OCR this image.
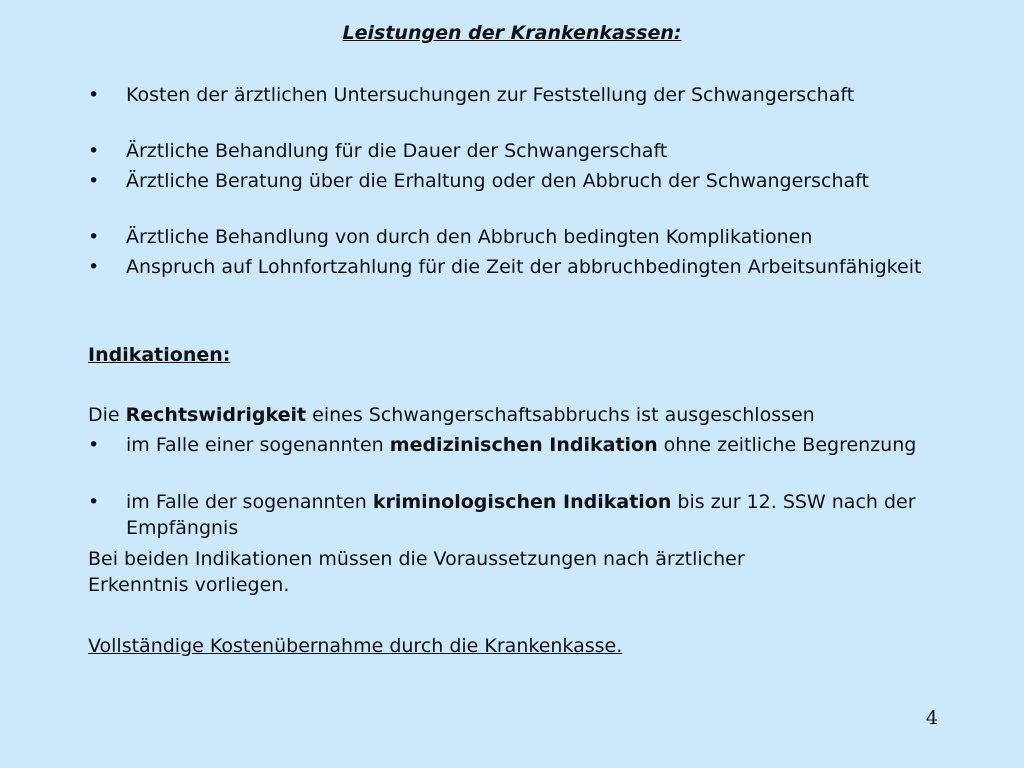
Leistungen der Krankenkassen:
• Kosten der ärztlichen Untersuchungen zur Feststellung der Schwangerschaft
• Ärztliche Behandlung für die Dauer der Schwangerschaft
• Ärztliche Beratung über die Erhaltung oder den Abbruch der Schwangerschaft
• Ärztliche Behandlung von durch den Abbruch bedingten Komplikationen
• Anspruch auf Lohnfortzahlung für die Zeit der abbruchbedingten Arbeitsunfähigkeit
Indikationen:
Die Rechtswidrigkeit eines Schwangerschaftsabbruchs ist ausgeschlossen
• im Falle einer sogenannten medizinischen Indikation ohne zeitliche Begrenzung
• im Falle der sogenannten kriminologischen Indikation bis zur 12. SSW nach der Empfängnis
Bei beiden Indikationen müssen die Voraussetzungen nach ärztlicher Erkenntnis vorliegen.
Vollständige Kostenübernahme durch die Krankenkasse.
4
